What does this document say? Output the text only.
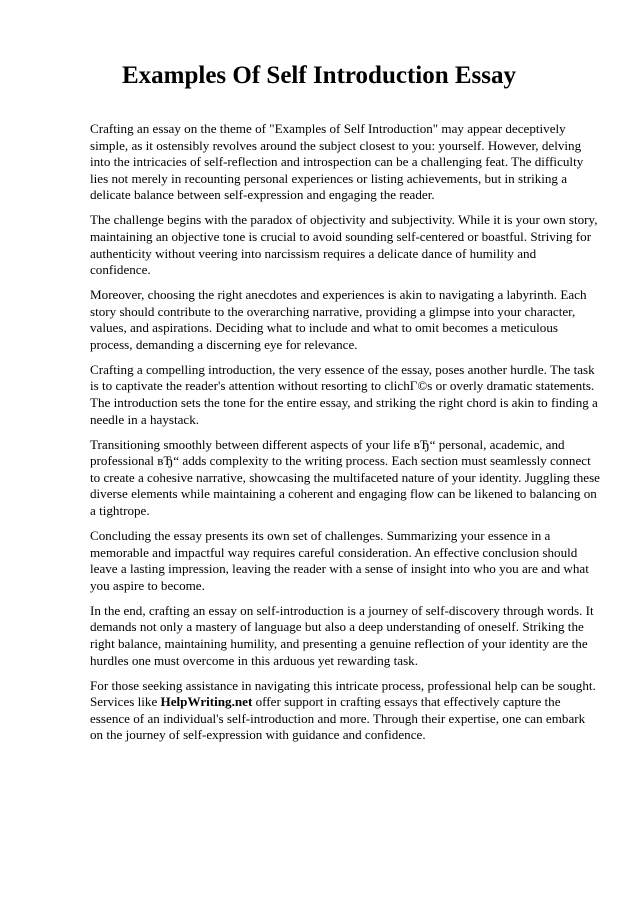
Examples Of Self Introduction Essay

Crafting an essay on the theme of "Examples of Self Introduction" may appear deceptively simple, as it ostensibly revolves around the subject closest to you: yourself. However, delving into the intricacies of self-reflection and introspection can be a challenging feat. The difficulty lies not merely in recounting personal experiences or listing achievements, but in striking a delicate balance between self-expression and engaging the reader.

The challenge begins with the paradox of objectivity and subjectivity. While it is your own story, maintaining an objective tone is crucial to avoid sounding self-centered or boastful. Striving for authenticity without veering into narcissism requires a delicate dance of humility and confidence.

Moreover, choosing the right anecdotes and experiences is akin to navigating a labyrinth. Each story should contribute to the overarching narrative, providing a glimpse into your character, values, and aspirations. Deciding what to include and what to omit becomes a meticulous process, demanding a discerning eye for relevance.

Crafting a compelling introduction, the very essence of the essay, poses another hurdle. The task is to captivate the reader's attention without resorting to clichГ©s or overly dramatic statements. The introduction sets the tone for the entire essay, and striking the right chord is akin to finding a needle in a haystack.

Transitioning smoothly between different aspects of your life вЂ“ personal, academic, and professional вЂ“ adds complexity to the writing process. Each section must seamlessly connect to create a cohesive narrative, showcasing the multifaceted nature of your identity. Juggling these diverse elements while maintaining a coherent and engaging flow can be likened to balancing on a tightrope.

Concluding the essay presents its own set of challenges. Summarizing your essence in a memorable and impactful way requires careful consideration. An effective conclusion should leave a lasting impression, leaving the reader with a sense of insight into who you are and what you aspire to become.

In the end, crafting an essay on self-introduction is a journey of self-discovery through words. It demands not only a mastery of language but also a deep understanding of oneself. Striking the right balance, maintaining humility, and presenting a genuine reflection of your identity are the hurdles one must overcome in this arduous yet rewarding task.

For those seeking assistance in navigating this intricate process, professional help can be sought. Services like HelpWriting.net offer support in crafting essays that effectively capture the essence of an individual's self-introduction and more. Through their expertise, one can embark on the journey of self-expression with guidance and confidence.
